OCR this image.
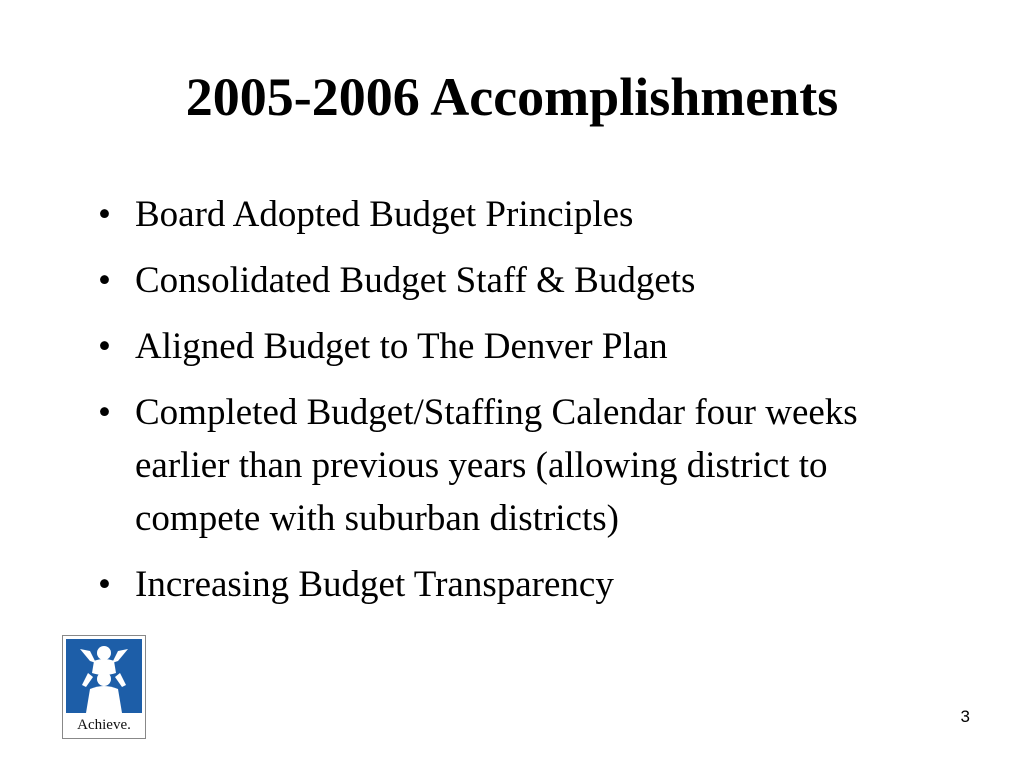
2005-2006 Accomplishments
• Board Adopted Budget Principles
• Consolidated Budget Staff & Budgets
• Aligned Budget to The Denver Plan
• Completed Budget/Staffing Calendar four weeks earlier than previous years (allowing district to compete with suburban districts)
• Increasing Budget Transparency
Achieve.	3
